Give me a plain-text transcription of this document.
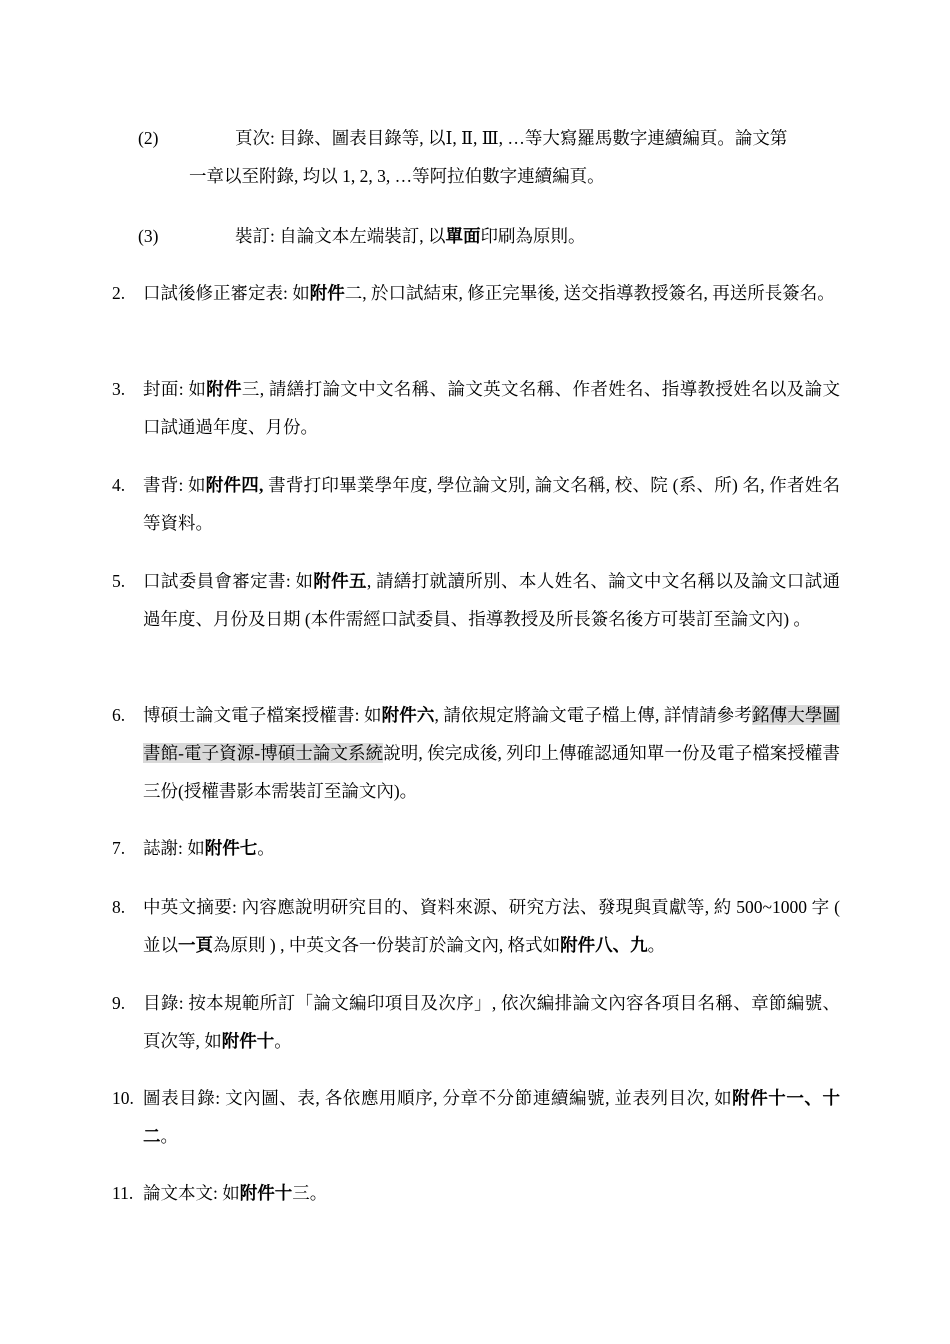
(2)	頁次: 目錄、圖表目錄等, 以Ⅰ, Ⅱ, Ⅲ, …等大寫羅馬數字連續編頁。論文第
一章以至附錄, 均以 1, 2, 3, …等阿拉伯數字連續編頁。
(3)	裝訂: 自論文本左端裝訂, 以單面印刷為原則。
2. 口試後修正審定表: 如附件二, 於口試結束, 修正完畢後, 送交指導教授簽名, 再送所長簽名。
3. 封面: 如附件三, 請繕打論文中文名稱、論文英文名稱、作者姓名、指導教授姓名以及論文口試通過年度、月份。
4. 書背: 如附件四, 書背打印畢業學年度, 學位論文別, 論文名稱, 校、院 (系、所) 名, 作者姓名等資料。
5. 口試委員會審定書: 如附件五, 請繕打就讀所別、本人姓名、論文中文名稱以及論文口試通過年度、月份及日期 (本件需經口試委員、指導教授及所長簽名後方可裝訂至論文內) 。
6. 博碩士論文電子檔案授權書: 如附件六, 請依規定將論文電子檔上傳, 詳情請參考銘傳大學圖書館-電子資源-博碩士論文系統說明, 俟完成後, 列印上傳確認通知單一份及電子檔案授權書三份(授權書影本需裝訂至論文內)。
7. 誌謝: 如附件七。
8. 中英文摘要: 內容應說明研究目的、資料來源、研究方法、發現與貢獻等, 約 500~1000 字 ( 並以一頁為原則 ) , 中英文各一份裝訂於論文內, 格式如附件八、九。
9. 目錄: 按本規範所訂「論文編印項目及次序」, 依次編排論文內容各項目名稱、章節編號、頁次等, 如附件十。
10. 圖表目錄: 文內圖、表, 各依應用順序, 分章不分節連續編號, 並表列目次, 如附件十一、十二。
11. 論文本文: 如附件十三。
